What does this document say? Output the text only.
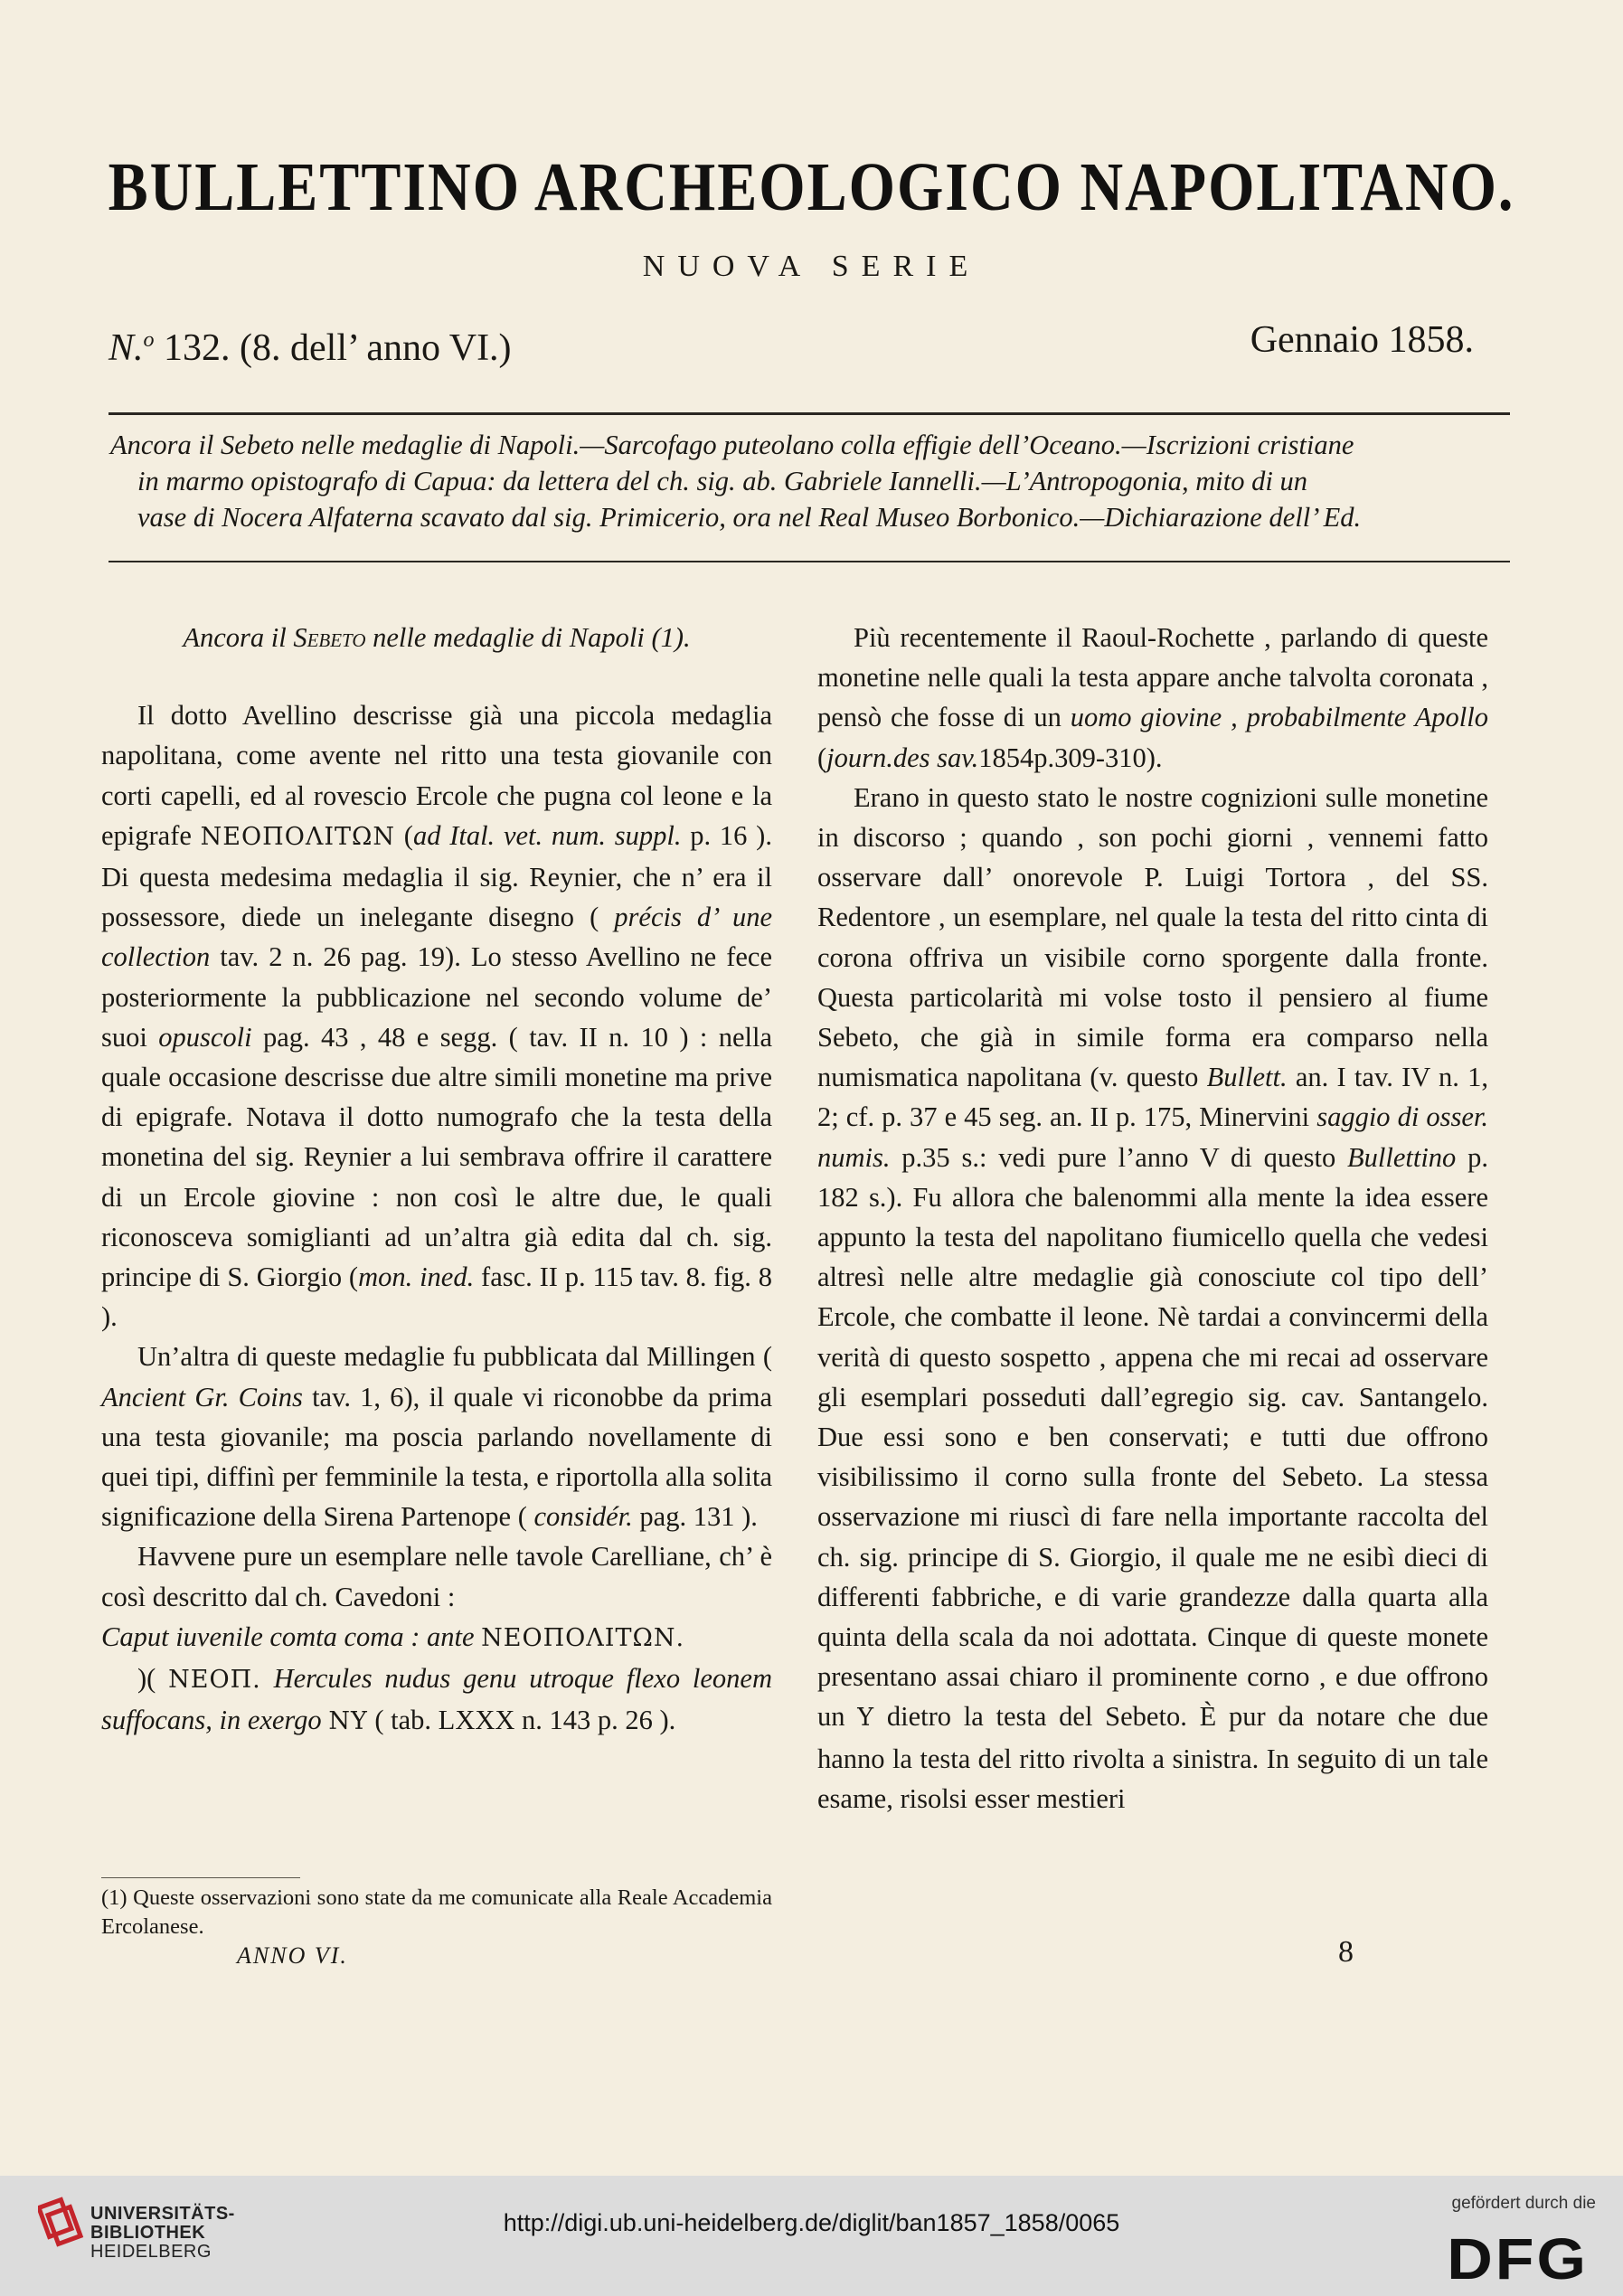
BULLETTINO ARCHEOLOGICO NAPOLITANO.
NUOVA SERIE
N.$^o$ 132. (8. dell’ anno VI.)	Gennaio 1858.
Ancora il Sebeto nelle medaglie di Napoli.—Sarcofago puteolano colla effigie dell’Oceano.—Iscrizioni cristiane
in marmo opistografo di Capua: da lettera del ch. sig. ab. Gabriele Iannelli.—L’Antropogonia, mito di un
vase di Nocera Alfaterna scavato dal sig. Primicerio, ora nel Real Museo Borbonico.—Dichiarazione dell’ Ed.

Ancora il Sebeto nelle medaglie di Napoli (1).

Il dotto Avellino descrisse già una piccola medaglia napolitana, come avente nel ritto una testa giovanile con corti capelli, ed al rovescio Ercole che pugna col leone e la epigrafe ΝΕΟΠΟΛΙΤΩΝ (ad Ital. vet. num. suppl. p. 16 ). Di questa medesima medaglia il sig. Reynier, che n’ era il possessore, diede un inelegante disegno ( précis d’ une collection tav. 2 n. 26 pag. 19). Lo stesso Avellino ne fece posteriormente la pubblicazione nel secondo volume de’ suoi opuscoli pag. 43 , 48 e segg. ( tav. II n. 10 ) : nella quale occasione descrisse due altre simili monetine ma prive di epigrafe. Notava il dotto numografo che la testa della monetina del sig. Reynier a lui sembrava offrire il carattere di un Ercole giovine : non così le altre due, le quali riconosceva somiglianti ad un’altra già edita dal ch. sig. principe di S. Giorgio (mon. ined. fasc. II p. 115 tav. 8. fig. 8 ).

Un’altra di queste medaglie fu pubblicata dal Millingen ( Ancient Gr. Coins tav. 1, 6), il quale vi riconobbe da prima una testa giovanile; ma poscia parlando novellamente di quei tipi, diffinì per femminile la testa, e riportolla alla solita significazione della Sirena Partenope ( considér. pag. 131 ).

Havvene pure un esemplare nelle tavole Carelliane, ch’ è così descritto dal ch. Cavedoni :

Caput iuvenile comta coma : ante ΝΕΟΠΟΛΙΤΩΝ.

)( ΝΕΟΠ. Hercules nudus genu utroque flexo leonem suffocans, in exergo ΝΥ ( tab. LXXX n. 143 p. 26 ).

(1) Queste osservazioni sono state da me comunicate alla Reale Accademia Ercolanese.
ANNO VI.	8

Più recentemente il Raoul-Rochette , parlando di queste monetine nelle quali la testa appare anche talvolta coronata , pensò che fosse di un uomo giovine , probabilmente Apollo (journ.des sav.1854p.309-310).

Erano in questo stato le nostre cognizioni sulle monetine in discorso ; quando , son pochi giorni , vennemi fatto osservare dall’ onorevole P. Luigi Tortora , del SS. Redentore , un esemplare, nel quale la testa del ritto cinta di corona offriva un visibile corno sporgente dalla fronte. Questa particolarità mi volse tosto il pensiero al fiume Sebeto, che già in simile forma era comparso nella numismatica napolitana (v. questo Bullett. an. I tav. IV n. 1, 2; cf. p. 37 e 45 seg. an. II p. 175, Minervini saggio di osser. numis. p.35 s.: vedi pure l’anno V di questo Bullettino p. 182 s.). Fu allora che balenommi alla mente la idea essere appunto la testa del napolitano fiumicello quella che vedesi altresì nelle altre medaglie già conosciute col tipo dell’ Ercole, che combatte il leone. Nè tardai a convincermi della verità di questo sospetto , appena che mi recai ad osservare gli esemplari posseduti dall’egregio sig. cav. Santangelo. Due essi sono e ben conservati; e tutti due offrono visibilissimo il corno sulla fronte del Sebeto. La stessa osservazione mi riuscì di fare nella importante raccolta del ch. sig. principe di S. Giorgio, il quale me ne esibì dieci di differenti fabbriche, e di varie grandezze dalla quarta alla quinta della scala da noi adottata. Cinque di queste monete presentano assai chiaro il prominente corno , e due offrono un Υ dietro la testa del Sebeto. È pur da notare che due hanno la testa del ritto rivolta a sinistra. In seguito di un tale esame, risolsi esser mestieri

UNIVERSITÄTS-
BIBLIOTHEK
HEIDELBERG
http://digi.ub.uni-heidelberg.de/diglit/ban1857_1858/0065
gefördert durch die
DFG
